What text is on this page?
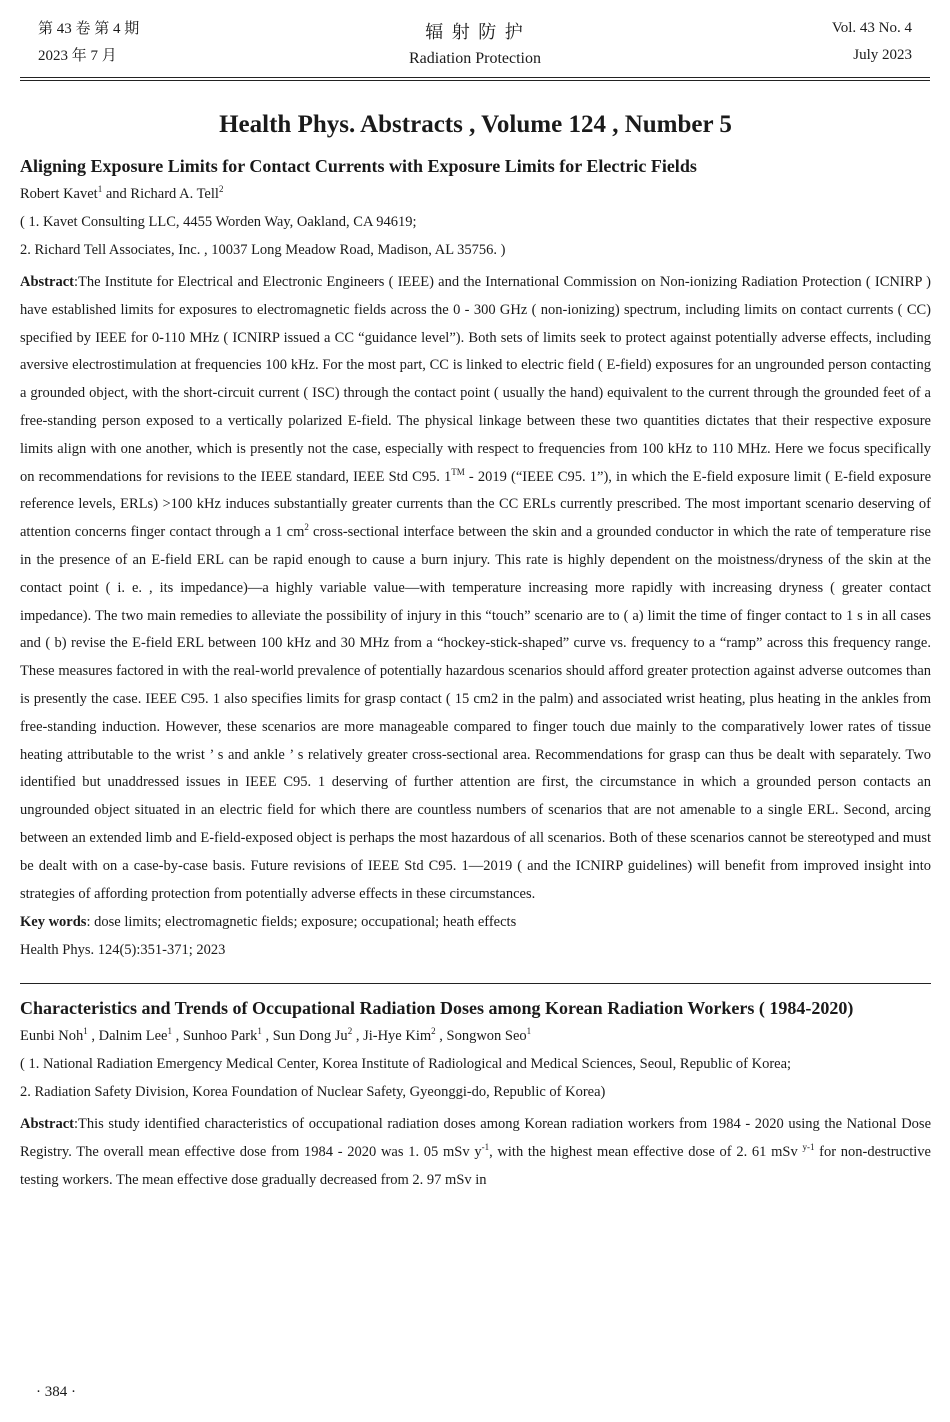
第 43 卷 第 4 期
2023 年 7 月
辐 射 防 护
Radiation Protection
Vol. 43 No. 4
July 2023
Health Phys. Abstracts , Volume 124 , Number 5
Aligning Exposure Limits for Contact Currents with Exposure Limits for Electric Fields

Robert Kavet$^1$ and Richard A. Tell$^2$

( 1. Kavet Consulting LLC, 4455 Worden Way, Oakland, CA 94619;

2. Richard Tell Associates, Inc. , 10037 Long Meadow Road, Madison, AL 35756. )

Abstract:The Institute for Electrical and Electronic Engineers ( IEEE) and the International Commission on Non-ionizing Radiation Protection ( ICNIRP ) have established limits for exposures to electromagnetic fields across the 0 - 300 GHz ( non-ionizing) spectrum, including limits on contact currents ( CC) specified by IEEE for 0-110 MHz ( ICNIRP issued a CC “guidance level”). Both sets of limits seek to protect against potentially adverse effects, including aversive electrostimulation at frequencies 100 kHz. For the most part, CC is linked to electric field ( E-field) exposures for an ungrounded person contacting a grounded object, with the short-circuit current ( ISC) through the contact point ( usually the hand) equivalent to the current through the grounded feet of a free-standing person exposed to a vertically polarized E-field. The physical linkage between these two quantities dictates that their respective exposure limits align with one another, which is presently not the case, especially with respect to frequencies from 100 kHz to 110 MHz. Here we focus specifically on recommendations for revisions to the IEEE standard, IEEE Std C95. 1™ - 2019 (“IEEE C95. 1”), in which the E-field exposure limit ( E-field exposure reference levels, ERLs) >100 kHz induces substantially greater currents than the CC ERLs currently prescribed. The most important scenario deserving of attention concerns finger contact through a 1 $cm^2$ cross-sectional interface between the skin and a grounded conductor in which the rate of temperature rise in the presence of an E-field ERL can be rapid enough to cause a burn injury. This rate is highly dependent on the moistness/dryness of the skin at the contact point ( i. e. , its impedance)—a highly variable value—with temperature increasing more rapidly with increasing dryness ( greater contact impedance). The two main remedies to alleviate the possibility of injury in this “touch” scenario are to ( a) limit the time of finger contact to 1 s in all cases and ( b) revise the E-field ERL between 100 kHz and 30 MHz from a “hockey-stick-shaped” curve vs. frequency to a “ramp” across this frequency range. These measures factored in with the real-world prevalence of potentially hazardous scenarios should afford greater protection against adverse outcomes than is presently the case. IEEE C95. 1 also specifies limits for grasp contact ( 15 cm2 in the palm) and associated wrist heating, plus heating in the ankles from free-standing induction. However, these scenarios are more manageable compared to finger touch due mainly to the comparatively lower rates of tissue heating attributable to the wrist ’ s and ankle ’ s relatively greater cross-sectional area. Recommendations for grasp can thus be dealt with separately. Two identified but unaddressed issues in IEEE C95. 1 deserving of further attention are first, the circumstance in which a grounded person contacts an ungrounded object situated in an electric field for which there are countless numbers of scenarios that are not amenable to a single ERL. Second, arcing between an extended limb and E-field-exposed object is perhaps the most hazardous of all scenarios. Both of these scenarios cannot be stereotyped and must be dealt with on a case-by-case basis. Future revisions of IEEE Std C95. 1—2019 ( and the ICNIRP guidelines) will benefit from improved insight into strategies of affording protection from potentially adverse effects in these circumstances.

Key words: dose limits; electromagnetic fields; exposure; occupational; heath effects

Health Phys. 124(5):351-371; 2023

Characteristics and Trends of Occupational Radiation Doses among Korean Radiation Workers ( 1984-2020)

Eunbi Noh$^1$ , Dalnim Lee$^1$ , Sunhoo Park$^1$ , Sun Dong Ju$^2$ , Ji-Hye Kim$^2$ , Songwon Seo$^1$

( 1. National Radiation Emergency Medical Center, Korea Institute of Radiological and Medical Sciences, Seoul, Republic of Korea;

2. Radiation Safety Division, Korea Foundation of Nuclear Safety, Gyeonggi-do, Republic of Korea)

Abstract:This study identified characteristics of occupational radiation doses among Korean radiation workers from 1984 - 2020 using the National Dose Registry. The overall mean effective dose from 1984 - 2020 was 1. 05 mSv $y^{-1}$, with the highest mean effective dose of 2. 61 mSv $^{y-1}$ for non-destructive testing workers. The mean effective dose gradually decreased from 2. 97 mSv in

· 384 ·
